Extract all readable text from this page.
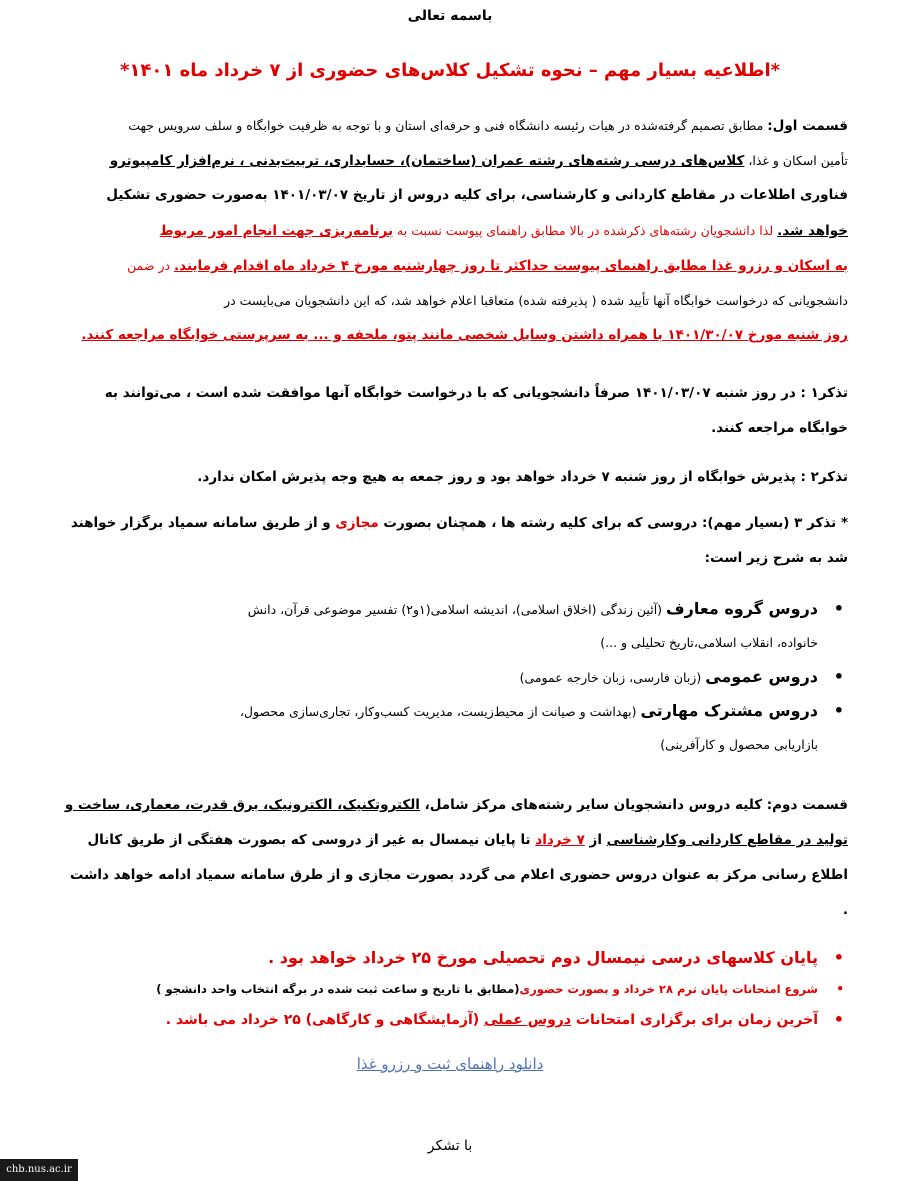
باسمه تعالی
*اطلاعیه بسیار مهم – نحوه تشکیل کلاس‌های حضوری از ۷ خرداد ماه ۱۴۰۱*
قسمت اول: مطابق تصمیم گرفته‌شده در هیات رئیسه دانشگاه فنی و حرفه‌ای استان و با توجه به ظرفیت خوابگاه و سلف سرویس جهت
تأمین اسکان و غذا، کلاس‌های درسی رشته‌های رشته عمران (ساختمان)، حسابداری، تربیت‌بدنی ، نرم‌افزار کامپیوترو
فناوری اطلاعات در مقاطع کاردانی و کارشناسی، برای کلیه دروس از تاریخ ۱۴۰۱/۰۳/۰۷ به‌صورت حضوری تشکیل
خواهد شد. لذا دانشجویان رشته‌های ذکرشده در بالا مطابق راهنمای پیوست نسبت به برنامه‌ریزی جهت انجام امور مربوط
به اسکان و رزرو غذا مطابق راهنمای پیوست حداکثر تا روز چهارشنبه مورخ ۴ خرداد ماه اقدام فرمایند. در ضمن
دانشجویانی که درخواست خوابگاه آنها تأیید شده ( پذیرفته شده) متعاقبا اعلام خواهد شد، که این دانشجویان می‌بایست در
روز شنبه مورخ ۱۴۰۱/۳۰/۰۷ با همراه داشتن وسایل شخصی مانند پتو، ملحفه و ... به سرپرستی خوابگاه مراجعه کنند.
تذکر۱ : در روز شنبه ۱۴۰۱/۰۳/۰۷ صرفاً دانشجویانی که با درخواست خوابگاه آنها موافقت شده است ، می‌توانند به
خوابگاه مراجعه کنند.
تذکر۲ : پذیرش خوابگاه از روز شنبه ۷ خرداد خواهد بود و روز جمعه به هیچ وجه پذیرش امکان ندارد.
* تذکر ۳ (بسیار مهم): دروسی که برای کلیه رشته ها ، همچنان بصورت مجازی و از طریق سامانه سمیاد برگزار خواهند
شد به شرح زیر است:
•
دروس گروه معارف (آئین زندگی (اخلاق اسلامی)، اندیشه اسلامی(۱و۲) تفسیر موضوعی قرآن، دانش
خانواده، انقلاب اسلامی،تاریخ تحلیلی و ...)
•
دروس عمومی (زبان فارسی، زبان خارجه عمومی)
•
دروس مشترک مهارتی (بهداشت و صیانت از محیط‌زیست، مدیریت کسب‌وکار، تجاری‌سازی محصول،
بازاریابی محصول و کارآفرینی)
قسمت دوم: کلیه دروس دانشجویان سایر رشته‌های مرکز شامل، الکتروتکنیک، الکترونیک، برق قدرت، معماری، ساخت و
تولید در مقاطع کاردانی وکارشناسی از ۷ خرداد تا پایان نیمسال به غیر از دروسی که بصورت هفتگی از طریق کانال
اطلاع رسانی مرکز به عنوان دروس حضوری اعلام می گردد بصورت مجازی و از طرق سامانه سمیاد ادامه خواهد داشت
.
•
پایان کلاسهای درسی نیمسال دوم تحصیلی مورخ ۲۵ خرداد خواهد بود .
•
شروع امتحانات پایان ترم ۲۸ خرداد و بصورت حضوری(مطابق با تاریخ و ساعت ثبت شده در برگه انتخاب واحد دانشجو )
•
آخرین زمان برای برگزاری امتحانات دروس عملی (آزمایشگاهی و کارگاهی) ۲۵ خرداد می باشد .
دانلود راهنمای ثبت و رزرو غذا
با تشکر
chb.nus.ac.ir
